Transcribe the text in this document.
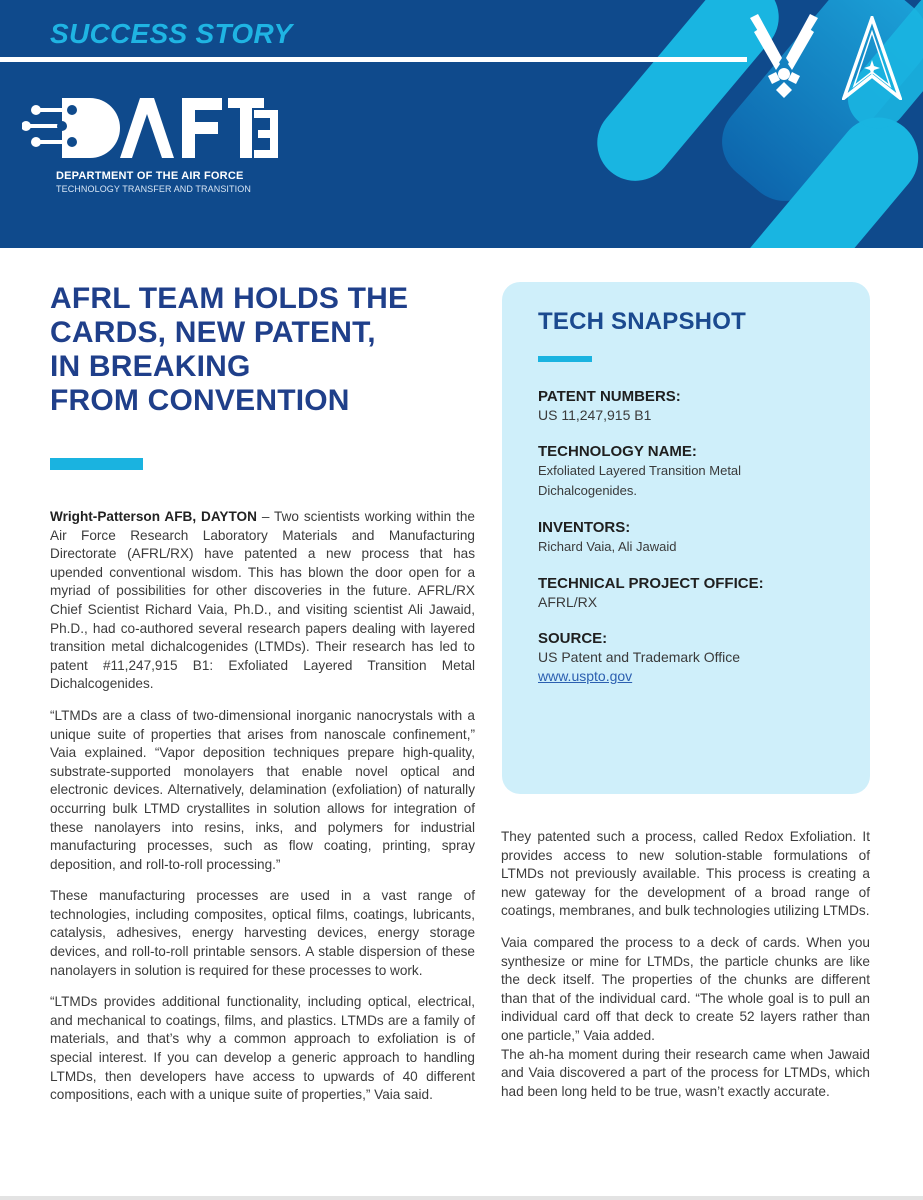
SUCCESS STORY
DEPARTMENT OF THE AIR FORCE
TECHNOLOGY TRANSFER AND TRANSITION
AFRL TEAM HOLDS THE
CARDS, NEW PATENT,
IN BREAKING
FROM CONVENTION

Wright-Patterson AFB, DAYTON – Two scientists working within the Air Force Research Laboratory Materials and Manufacturing Directorate (AFRL/RX) have patented a new process that has upended conventional wisdom. This has blown the door open for a myriad of possibilities for other discoveries in the future. AFRL/RX Chief Scientist Richard Vaia, Ph.D., and visiting scientist Ali Jawaid, Ph.D., had co-authored several research papers dealing with layered transition metal dichalcogenides (LTMDs). Their research has led to patent #11,247,915 B1: Exfoliated Layered Transition Metal Dichalcogenides.

“LTMDs are a class of two-dimensional inorganic nanocrystals with a unique suite of properties that arises from nanoscale confinement,” Vaia explained. “Vapor deposition techniques prepare high-quality, substrate-supported monolayers that enable novel optical and electronic devices. Alternatively, delamination (exfoliation) of naturally occurring bulk LTMD crystallites in solution allows for integration of these nanolayers into resins, inks, and polymers for industrial manufacturing processes, such as flow coating, printing, spray deposition, and roll-to-roll processing.”

These manufacturing processes are used in a vast range of technologies, including composites, optical films, coatings, lubricants, catalysis, adhesives, energy harvesting devices, energy storage devices, and roll-to-roll printable sensors. A stable dispersion of these nanolayers in solution is required for these processes to work.

“LTMDs provides additional functionality, including optical, electrical, and mechanical to coatings, films, and plastics. LTMDs are a family of materials, and that’s why a common approach to exfoliation is of special interest. If you can develop a generic approach to handling LTMDs, then developers have access to upwards of 40 different compositions, each with a unique suite of properties,” Vaia said.

TECH SNAPSHOT
PATENT NUMBERS:
US 11,247,915 B1
TECHNOLOGY NAME:
Exfoliated Layered Transition Metal Dichalcogenides.
INVENTORS:
Richard Vaia, Ali Jawaid
TECHNICAL PROJECT OFFICE:
AFRL/RX
SOURCE:
US Patent and Trademark Office
www.uspto.gov

They patented such a process, called Redox Exfoliation. It provides access to new solution-stable formulations of LTMDs not previously available. This process is creating a new gateway for the development of a broad range of coatings, membranes, and bulk technologies utilizing LTMDs.

Vaia compared the process to a deck of cards. When you synthesize or mine for LTMDs, the particle chunks are like the deck itself. The properties of the chunks are different than that of the individual card. “The whole goal is to pull an individual card off that deck to create 52 layers rather than one particle,” Vaia added.

The ah-ha moment during their research came when Jawaid and Vaia discovered a part of the process for LTMDs, which had been long held to be true, wasn’t exactly accurate.
